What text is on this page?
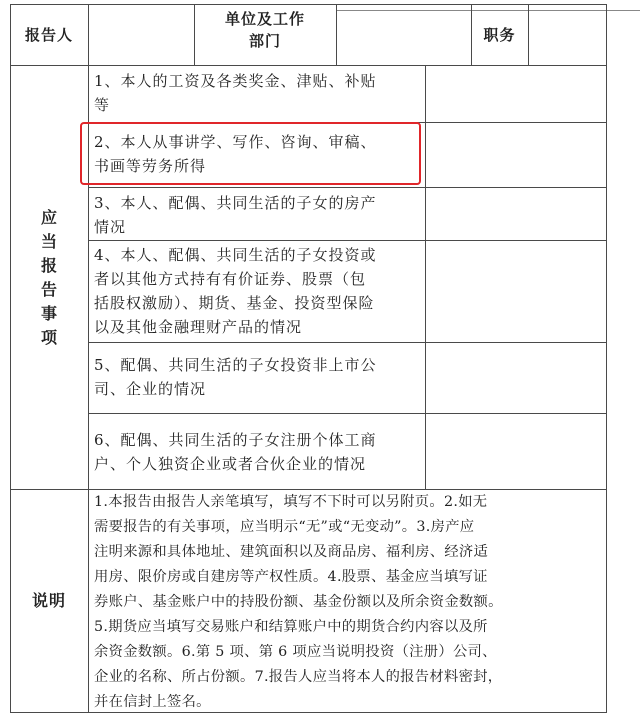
报告人
单位及工作
部门	职务
应
当
报
告
事
项
1、本人的工资及各类奖金、津贴、补贴
等
2、本人从事讲学、写作、咨询、审稿、
书画等劳务所得
3、本人、配偶、共同生活的子女的房产
情况
4、本人、配偶、共同生活的子女投资或
者以其他方式持有有价证券、股票（包
括股权激励）、期货、基金、投资型保险
以及其他金融理财产品的情况
5、配偶、共同生活的子女投资非上市公
司、企业的情况
6、配偶、共同生活的子女注册个体工商
户、个人独资企业或者合伙企业的情况
说明
1.本报告由报告人亲笔填写，填写不下时可以另附页。2.如无
需要报告的有关事项，应当明示“无”或“无变动”。3.房产应
注明来源和具体地址、建筑面积以及商品房、福利房、经济适
用房、限价房或自建房等产权性质。4.股票、基金应当填写证
券账户、基金账户中的持股份额、基金份额以及所余资金数额。
5.期货应当填写交易账户和结算账户中的期货合约内容以及所
余资金数额。6.第 5 项、第 6 项应当说明投资（注册）公司、
企业的名称、所占份额。7.报告人应当将本人的报告材料密封，
并在信封上签名。
